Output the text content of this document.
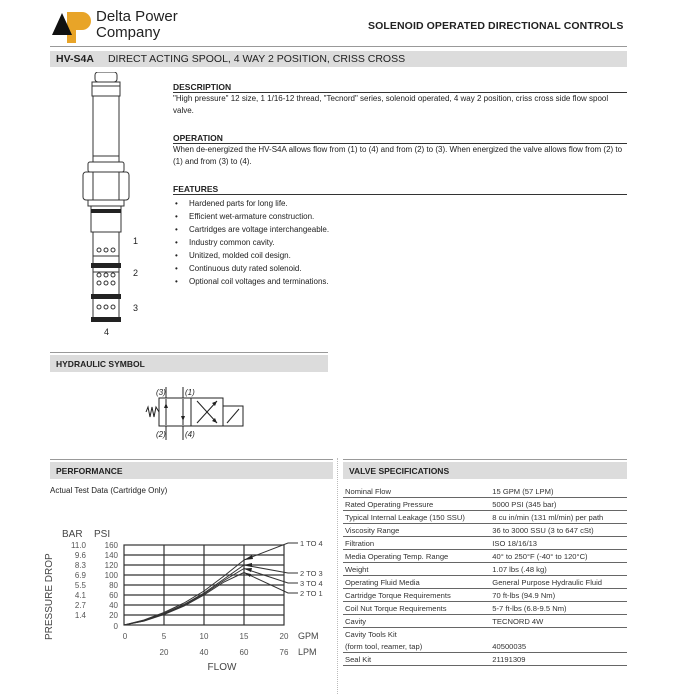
Delta Power
Company	SOLENOID OPERATED DIRECTIONAL CONTROLS
HV-S4A DIRECT ACTING SPOOL, 4 WAY 2 POSITION, CRISS CROSS
1
2
3
4
DESCRIPTION
"High pressure" 12 size, 1 1/16-12 thread, "Tecnord" series, solenoid operated, 4 way 2 position, criss cross side flow spool valve.
OPERATION
When de-energized the HV-S4A allows flow from (1) to (4) and from (2) to (3). When energized the valve allows flow from (2) to (1) and from (3) to (4).
FEATURES
• Hardened parts for long life.
• Efficient wet-armature construction.
• Cartridges are voltage interchangeable.
• Industry common cavity.
• Unitized, molded coil design.
• Continuous duty rated solenoid.
• Optional coil voltages and terminations.
HYDRAULIC SYMBOL
(3) (1)
(2) (4)
PERFORMANCE
Actual Test Data (Cartridge Only)
PRESSURE DROP
BAR PSI
160
140
120
100
80
60
40
20
0
11.0
9.6
8.3
6.9
5.5
4.1
2.7
1.4
0	5	10	15	20
20	40	60	76
GPM
LPM
FLOW
1 TO 4
2 TO 3
3 TO 4
2 TO 1
VALVE SPECIFICATIONS
Nominal Flow	15 GPM (57 LPM)
Rated Operating Pressure	5000 PSI (345 bar)
Typical Internal Leakage (150 SSU)	8 cu in/min (131 ml/min) per path
Viscosity Range	36 to 3000 SSU (3 to 647 cSt)
Filtration	ISO 18/16/13
Media Operating Temp. Range	40° to 250°F (-40° to 120°C)
Weight	1.07 lbs (.48 kg)
Operating Fluid Media	General Purpose Hydraulic Fluid
Cartridge Torque Requirements	70 ft-lbs (94.9 Nm)
Coil Nut Torque Requirements	5-7 ft-lbs (6.8-9.5 Nm)
Cavity	TECNORD 4W
Cavity Tools Kit	
(form tool, reamer, tap)	40500035
Seal Kit	21191309
